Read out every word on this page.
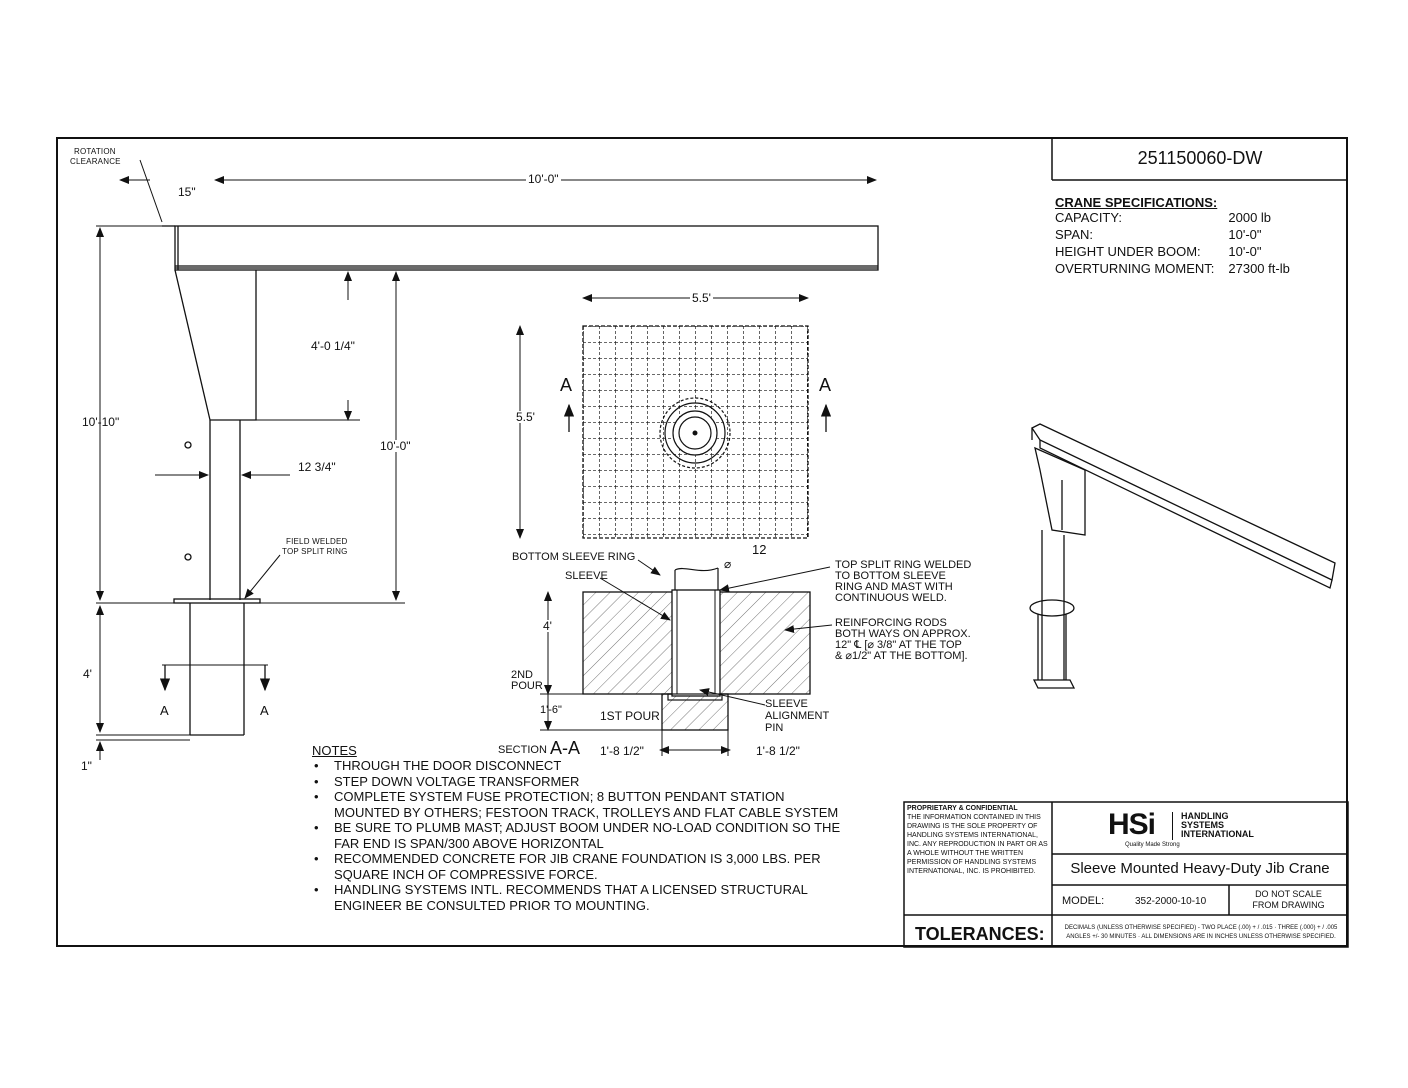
ROTATION
CLEARANCE
15"
10'-0"
4'-0 1/4"
10'-10"
10'-0"
12 3/4"
FIELD WELDED
TOP SPLIT RING
4'
1"
A	A
5.5'
5.5'
A	A
12
BOTTOM SLEEVE RING
SLEEVE
⌀	TOP SPLIT RING WELDED
TO BOTTOM SLEEVE
RING AND MAST WITH
CONTINUOUS WELD.
REINFORCING RODS
BOTH WAYS ON APPROX.
12" ℄ [⌀ 3/8" AT THE TOP
& ⌀1/2" AT THE BOTTOM].
4'
2ND
POUR
1'-6"	1ST POUR
SLEEVE
ALIGNMENT
PIN
SECTION A-A 1'-8 1/2"	1'-8 1/2"
NOTES
• THROUGH THE DOOR DISCONNECT
• STEP DOWN VOLTAGE TRANSFORMER
• COMPLETE SYSTEM FUSE PROTECTION; 8 BUTTON PENDANT STATION MOUNTED BY OTHERS; FESTOON TRACK, TROLLEYS AND FLAT CABLE SYSTEM
• BE SURE TO PLUMB MAST; ADJUST BOOM UNDER NO-LOAD CONDITION SO THE FAR END IS SPAN/300 ABOVE HORIZONTAL
• RECOMMENDED CONCRETE FOR JIB CRANE FOUNDATION IS 3,000 LBS. PER SQUARE INCH OF COMPRESSIVE FORCE.
• HANDLING SYSTEMS INTL. RECOMMENDS THAT A LICENSED STRUCTURAL ENGINEER BE CONSULTED PRIOR TO MOUNTING.
251150060-DW
CRANE SPECIFICATIONS:
CAPACITY:	2000 lb
SPAN:	10'-0"
HEIGHT UNDER BOOM:	10'-0"
OVERTURNING MOMENT:	27300 ft-lb
PROPRIETARY & CONFIDENTIAL
THE INFORMATION CONTAINED IN THIS DRAWING IS THE SOLE PROPERTY OF HANDLING SYSTEMS INTERNATIONAL, INC. ANY REPRODUCTION IN PART OR AS A WHOLE WITHOUT THE WRITTEN PERMISSION OF HANDLING SYSTEMS INTERNATIONAL, INC. IS PROHIBITED.
HSi
Quality Made Strong
HANDLING
SYSTEMS
INTERNATIONAL
Sleeve Mounted Heavy-Duty Jib Crane
MODEL:	352-2000-10-10
DO NOT SCALE
FROM DRAWING
TOLERANCES:	DECIMALS (UNLESS OTHERWISE SPECIFIED) - TWO PLACE (.00) + / .015 · THREE (.000) + / .005
ANGLES +/- 30 MINUTES · ALL DIMENSIONS ARE IN INCHES UNLESS OTHERWISE SPECIFIED.
